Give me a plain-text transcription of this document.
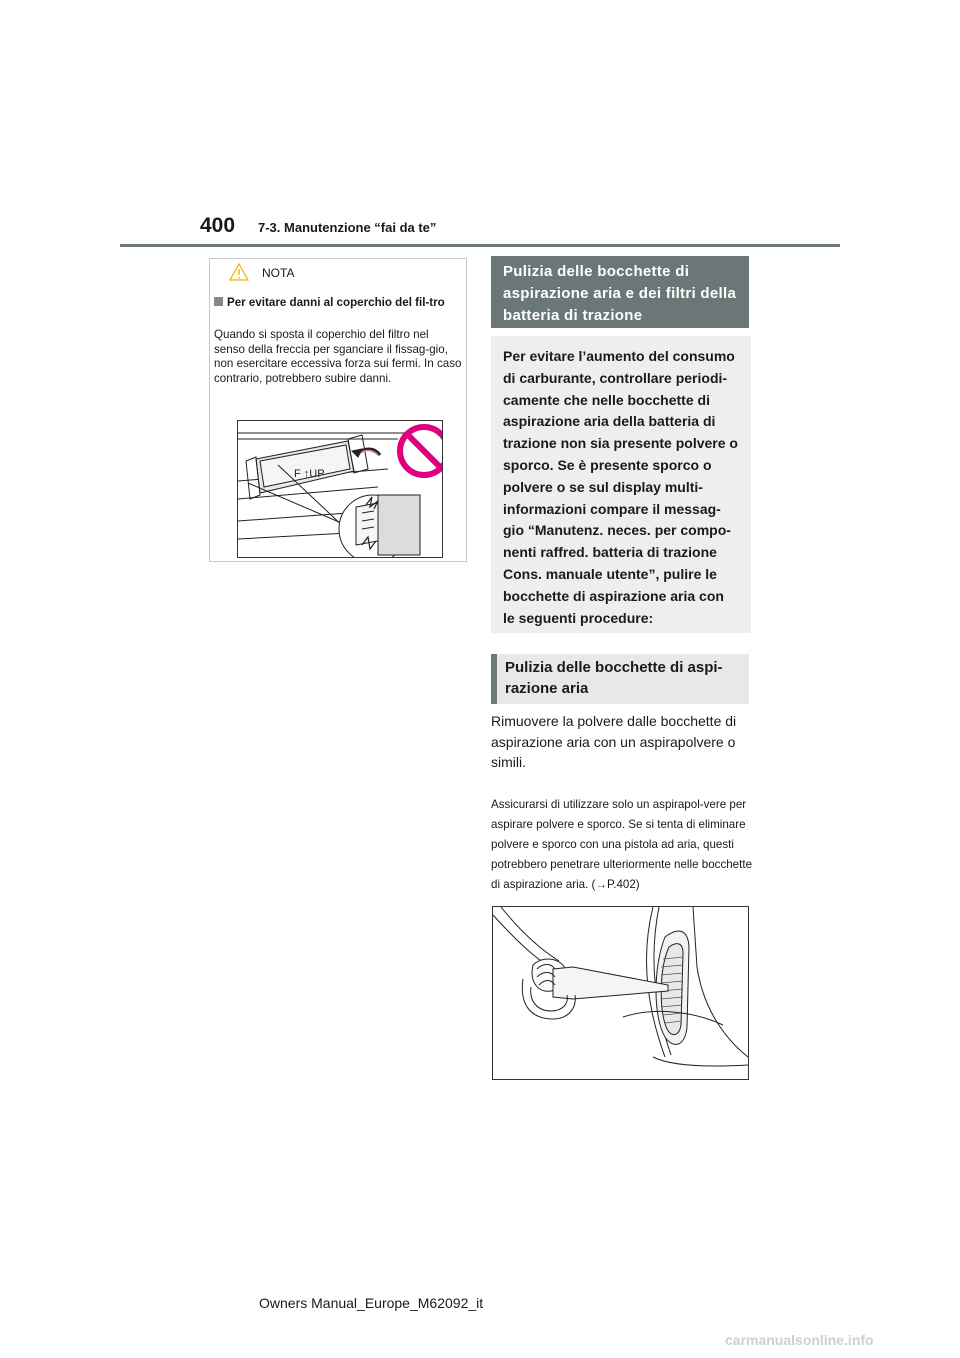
400 7-3. Manutenzione “fai da te”
NOTA
Per evitare danni al coperchio del fil-tro
Quando si sposta il coperchio del filtro nel senso della freccia per sganciare il fissag-gio, non esercitare eccessiva forza sui fermi. In caso contrario, potrebbero subire danni.
F ↑UP
Pulizia delle bocchette di aspirazione aria e dei filtri della batteria di trazione
Per evitare l’aumento del consumo di carburante, controllare periodi-camente che nelle bocchette di aspirazione aria della batteria di trazione non sia presente polvere o sporco. Se è presente sporco o polvere o se sul display multi-informazioni compare il messag-gio “Manutenz. neces. per compo-nenti raffred. batteria di trazione Cons. manuale utente”, pulire le bocchette di aspirazione aria con le seguenti procedure:
Pulizia delle bocchette di aspi-razione aria
Rimuovere la polvere dalle bocchette di aspirazione aria con un aspirapolvere o simili.
Assicurarsi di utilizzare solo un aspirapol-vere per aspirare polvere e sporco. Se si tenta di eliminare polvere e sporco con una pistola ad aria, questi potrebbero penetrare ulteriormente nelle bocchette di aspirazione aria. (→P.402)
Owners Manual_Europe_M62092_it
carmanualsonline.info
